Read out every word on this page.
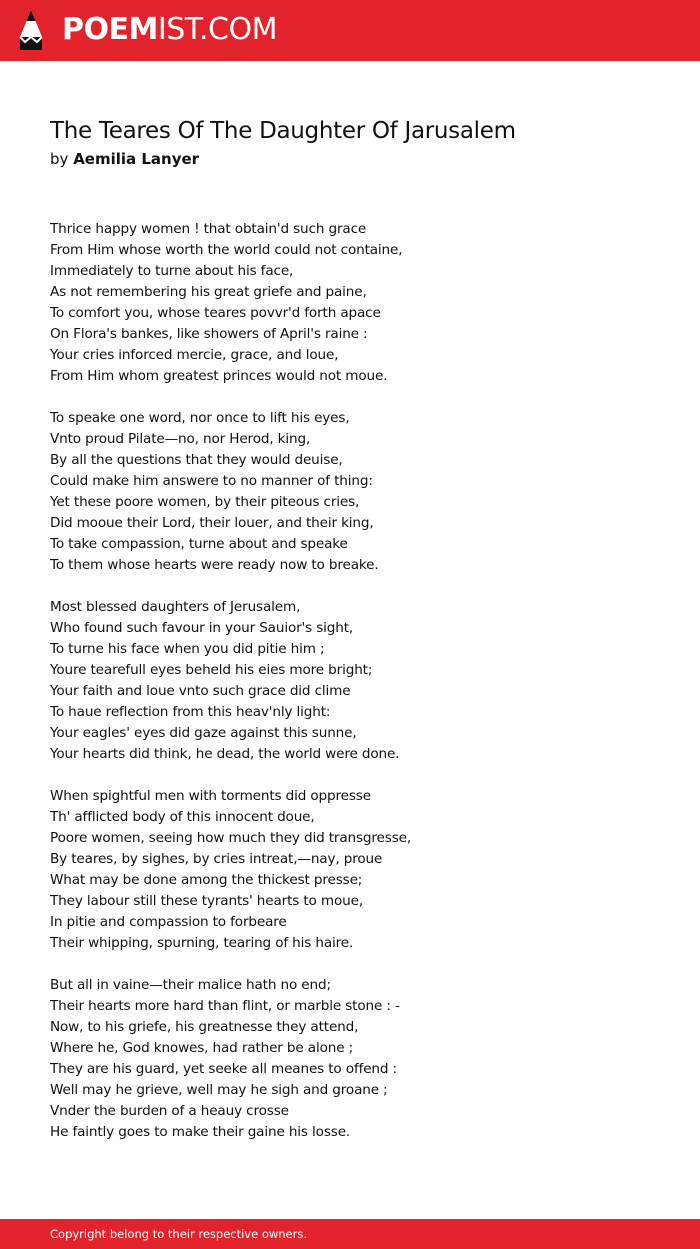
POEMIST.COM
The Teares Of The Daughter Of Jarusalem
by Aemilia Lanyer
Thrice happy women ! that obtain'd such grace
From Him whose worth the world could not containe,
Immediately to turne about his face,
As not remembering his great griefe and paine,
To comfort you, whose teares povvr'd forth apace
On Flora's bankes, like showers of April's raine :
Your cries inforced mercie, grace, and loue,
From Him whom greatest princes would not moue.
To speake one word, nor once to lift his eyes,
Vnto proud Pilate—no, nor Herod, king,
By all the questions that they would deuise,
Could make him answere to no manner of thing:
Yet these poore women, by their piteous cries,
Did mooue their Lord, their louer, and their king,
To take compassion, turne about and speake
To them whose hearts were ready now to breake.
Most blessed daughters of Jerusalem,
Who found such favour in your Sauior's sight,
To turne his face when you did pitie him ;
Youre tearefull eyes beheld his eies more bright;
Your faith and loue vnto such grace did clime
To haue reflection from this heav'nly light:
Your eagles' eyes did gaze against this sunne,
Your hearts did think, he dead, the world were done.
When spightful men with torments did oppresse
Th' afflicted body of this innocent doue,
Poore women, seeing how much they did transgresse,
By teares, by sighes, by cries intreat,—nay, proue
What may be done among the thickest presse;
They labour still these tyrants' hearts to moue,
In pitie and compassion to forbeare
Their whipping, spurning, tearing of his haire.
But all in vaine—their malice hath no end;
Their hearts more hard than flint, or marble stone : -
Now, to his griefe, his greatnesse they attend,
Where he, God knowes, had rather be alone ;
They are his guard, yet seeke all meanes to offend :
Well may he grieve, well may he sigh and groane ;
Vnder the burden of a heauy crosse
He faintly goes to make their gaine his losse.
Copyright belong to their respective owners.
